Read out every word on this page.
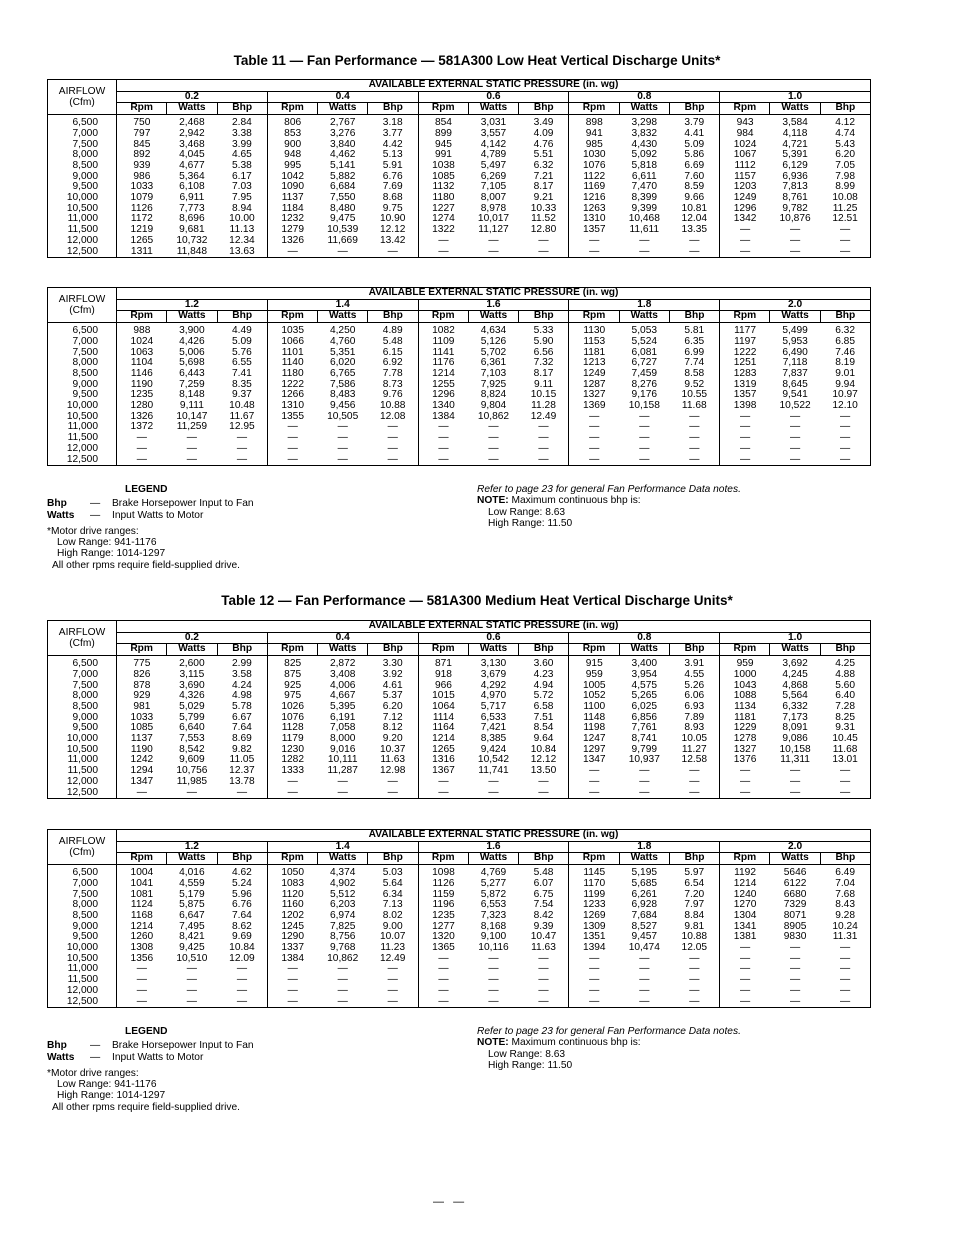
Table 11 — Fan Performance — 581A300 Low Heat Vertical Discharge Units*
AIRFLOW
(Cfm)	AVAILABLE EXTERNAL STATIC PRESSURE (in. wg)														
	0.2			0.4			0.6			0.8			1.0		
	Rpm	Watts	Bhp	Rpm	Watts	Bhp	Rpm	Watts	Bhp	Rpm	Watts	Bhp	Rpm	Watts	Bhp
6,500	750	2,468	2.84	806	2,767	3.18	854	3,031	3.49	898	3,298	3.79	943	3,584	4.12
7,000	797	2,942	3.38	853	3,276	3.77	899	3,557	4.09	941	3,832	4.41	984	4,118	4.74
7,500	845	3,468	3.99	900	3,840	4.42	945	4,142	4.76	985	4,430	5.09	1024	4,721	5.43
8,000	892	4,045	4.65	948	4,462	5.13	991	4,789	5.51	1030	5,092	5.86	1067	5,391	6.20
8,500	939	4,677	5.38	995	5,141	5.91	1038	5,497	6.32	1076	5,818	6.69	1112	6,129	7.05
9,000	986	5,364	6.17	1042	5,882	6.76	1085	6,269	7.21	1122	6,611	7.60	1157	6,936	7.98
9,500	1033	6,108	7.03	1090	6,684	7.69	1132	7,105	8.17	1169	7,470	8.59	1203	7,813	8.99
10,000	1079	6,911	7.95	1137	7,550	8.68	1180	8,007	9.21	1216	8,399	9.66	1249	8,761	10.08
10,500	1126	7,773	8.94	1184	8,480	9.75	1227	8,978	10.33	1263	9,399	10.81	1296	9,782	11.25
11,000	1172	8,696	10.00	1232	9,475	10.90	1274	10,017	11.52	1310	10,468	12.04	1342	10,876	12.51
11,500	1219	9,681	11.13	1279	10,539	12.12	1322	11,127	12.80	1357	11,611	13.35	—	—	—
12,000	1265	10,732	12.34	1326	11,669	13.42	—	—	—	—	—	—	—	—	—
12,500	1311	11,848	13.63	—	—	—	—	—	—	—	—	—	—	—	—
AIRFLOW
(Cfm)	AVAILABLE EXTERNAL STATIC PRESSURE (in. wg)														
	1.2			1.4			1.6			1.8			2.0		
	Rpm	Watts	Bhp	Rpm	Watts	Bhp	Rpm	Watts	Bhp	Rpm	Watts	Bhp	Rpm	Watts	Bhp
6,500	988	3,900	4.49	1035	4,250	4.89	1082	4,634	5.33	1130	5,053	5.81	1177	5,499	6.32
7,000	1024	4,426	5.09	1066	4,760	5.48	1109	5,126	5.90	1153	5,524	6.35	1197	5,953	6.85
7,500	1063	5,006	5.76	1101	5,351	6.15	1141	5,702	6.56	1181	6,081	6.99	1222	6,490	7.46
8,000	1104	5,698	6.55	1140	6,020	6.92	1176	6,361	7.32	1213	6,727	7.74	1251	7,118	8.19
8,500	1146	6,443	7.41	1180	6,765	7.78	1214	7,103	8.17	1249	7,459	8.58	1283	7,837	9.01
9,000	1190	7,259	8.35	1222	7,586	8.73	1255	7,925	9.11	1287	8,276	9.52	1319	8,645	9.94
9,500	1235	8,148	9.37	1266	8,483	9.76	1296	8,824	10.15	1327	9,176	10.55	1357	9,541	10.97
10,000	1280	9,111	10.48	1310	9,456	10.88	1340	9,804	11.28	1369	10,158	11.68	1398	10,522	12.10
10,500	1326	10,147	11.67	1355	10,505	12.08	1384	10,862	12.49	—	—	—	—	—	—
11,000	1372	11,259	12.95	—	—	—	—	—	—	—	—	—	—	—	—
11,500	—	—	—	—	—	—	—	—	—	—	—	—	—	—	—
12,000	—	—	—	—	—	—	—	—	—	—	—	—	—	—	—
12,500	—	—	—	—	—	—	—	—	—	—	—	—	—	—	—
LEGEND
Bhp — Brake Horsepower Input to Fan
Watts — Input Watts to Motor
*Motor drive ranges:
Low Range: 941-1176
High Range: 1014-1297
All other rpms require field-supplied drive.
Refer to page 23 for general Fan Performance Data notes.
NOTE: Maximum continuous bhp is:
Low Range: 8.63
High Range: 11.50
Table 12 — Fan Performance — 581A300 Medium Heat Vertical Discharge Units*
AIRFLOW
(Cfm)	AVAILABLE EXTERNAL STATIC PRESSURE (in. wg)														
	0.2			0.4			0.6			0.8			1.0		
	Rpm	Watts	Bhp	Rpm	Watts	Bhp	Rpm	Watts	Bhp	Rpm	Watts	Bhp	Rpm	Watts	Bhp
6,500	775	2,600	2.99	825	2,872	3.30	871	3,130	3.60	915	3,400	3.91	959	3,692	4.25
7,000	826	3,115	3.58	875	3,408	3.92	918	3,679	4.23	959	3,954	4.55	1000	4,245	4.88
7,500	878	3,690	4.24	925	4,006	4.61	966	4,292	4.94	1005	4,575	5.26	1043	4,868	5.60
8,000	929	4,326	4.98	975	4,667	5.37	1015	4,970	5.72	1052	5,265	6.06	1088	5,564	6.40
8,500	981	5,029	5.78	1026	5,395	6.20	1064	5,717	6.58	1100	6,025	6.93	1134	6,332	7.28
9,000	1033	5,799	6.67	1076	6,191	7.12	1114	6,533	7.51	1148	6,856	7.89	1181	7,173	8.25
9,500	1085	6,640	7.64	1128	7,058	8.12	1164	7,421	8.54	1198	7,761	8.93	1229	8,091	9.31
10,000	1137	7,553	8.69	1179	8,000	9.20	1214	8,385	9.64	1247	8,741	10.05	1278	9,086	10.45
10,500	1190	8,542	9.82	1230	9,016	10.37	1265	9,424	10.84	1297	9,799	11.27	1327	10,158	11.68
11,000	1242	9,609	11.05	1282	10,111	11.63	1316	10,542	12.12	1347	10,937	12.58	1376	11,311	13.01
11,500	1294	10,756	12.37	1333	11,287	12.98	1367	11,741	13.50	—	—	—	—	—	—
12,000	1347	11,985	13.78	—	—	—	—	—	—	—	—	—	—	—	—
12,500	—	—	—	—	—	—	—	—	—	—	—	—	—	—	—
AIRFLOW
(Cfm)	AVAILABLE EXTERNAL STATIC PRESSURE (in. wg)														
	1.2			1.4			1.6			1.8			2.0		
	Rpm	Watts	Bhp	Rpm	Watts	Bhp	Rpm	Watts	Bhp	Rpm	Watts	Bhp	Rpm	Watts	Bhp
6,500	1004	4,016	4.62	1050	4,374	5.03	1098	4,769	5.48	1145	5,195	5.97	1192	5646	6.49
7,000	1041	4,559	5.24	1083	4,902	5.64	1126	5,277	6.07	1170	5,685	6.54	1214	6122	7.04
7,500	1081	5,179	5.96	1120	5,512	6.34	1159	5,872	6.75	1199	6,261	7.20	1240	6680	7.68
8,000	1124	5,875	6.76	1160	6,203	7.13	1196	6,553	7.54	1233	6,928	7.97	1270	7329	8.43
8,500	1168	6,647	7.64	1202	6,974	8.02	1235	7,323	8.42	1269	7,684	8.84	1304	8071	9.28
9,000	1214	7,495	8.62	1245	7,825	9.00	1277	8,168	9.39	1309	8,527	9.81	1341	8905	10.24
9,500	1260	8,421	9.69	1290	8,756	10.07	1320	9,100	10.47	1351	9,457	10.88	1381	9830	11.31
10,000	1308	9,425	10.84	1337	9,768	11.23	1365	10,116	11.63	1394	10,474	12.05	—	—	—
10,500	1356	10,510	12.09	1384	10,862	12.49	—	—	—	—	—	—	—	—	—
11,000	—	—	—	—	—	—	—	—	—	—	—	—	—	—	—
11,500	—	—	—	—	—	—	—	—	—	—	—	—	—	—	—
12,000	—	—	—	—	—	—	—	—	—	—	—	—	—	—	—
12,500	—	—	—	—	—	—	—	—	—	—	—	—	—	—	—
LEGEND
Bhp — Brake Horsepower Input to Fan
Watts — Input Watts to Motor
*Motor drive ranges:
Low Range: 941-1176
High Range: 1014-1297
All other rpms require field-supplied drive.
Refer to page 23 for general Fan Performance Data notes.
NOTE: Maximum continuous bhp is:
Low Range: 8.63
High Range: 11.50
—   —
